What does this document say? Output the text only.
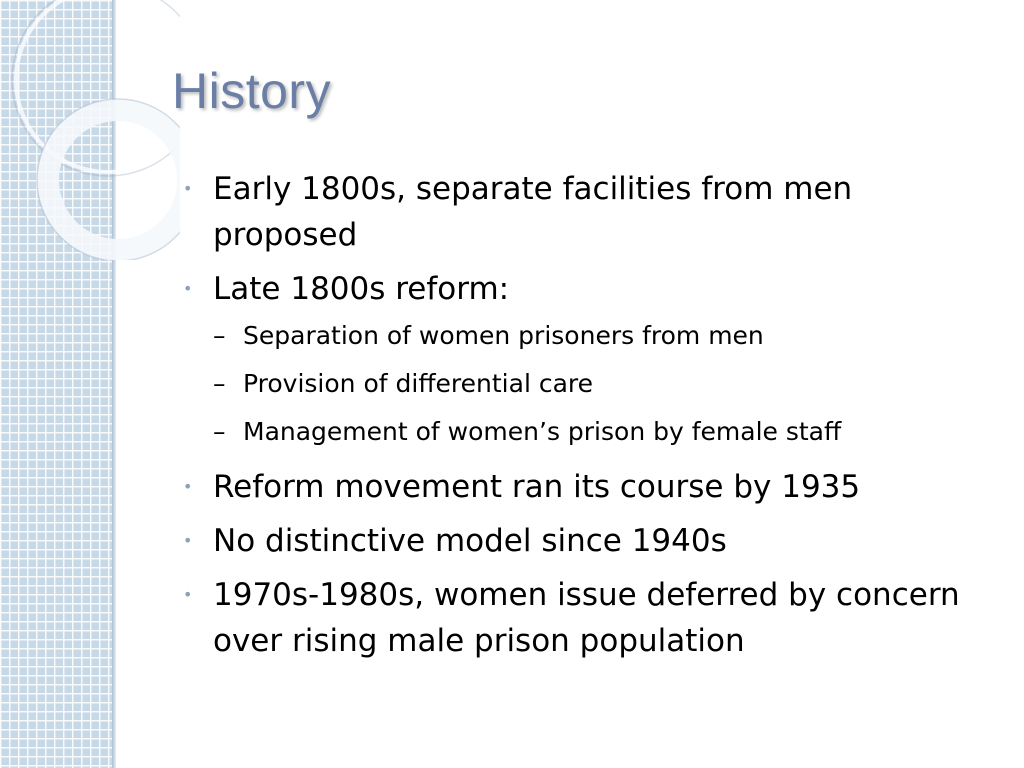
History
• Early 1800s, separate facilities from men proposed
• Late 1800s reform:
– Separation of women prisoners from men
– Provision of differential care
– Management of women’s prison by female staff
• Reform movement ran its course by 1935
• No distinctive model since 1940s
• 1970s-1980s, women issue deferred by concern over rising male prison population
